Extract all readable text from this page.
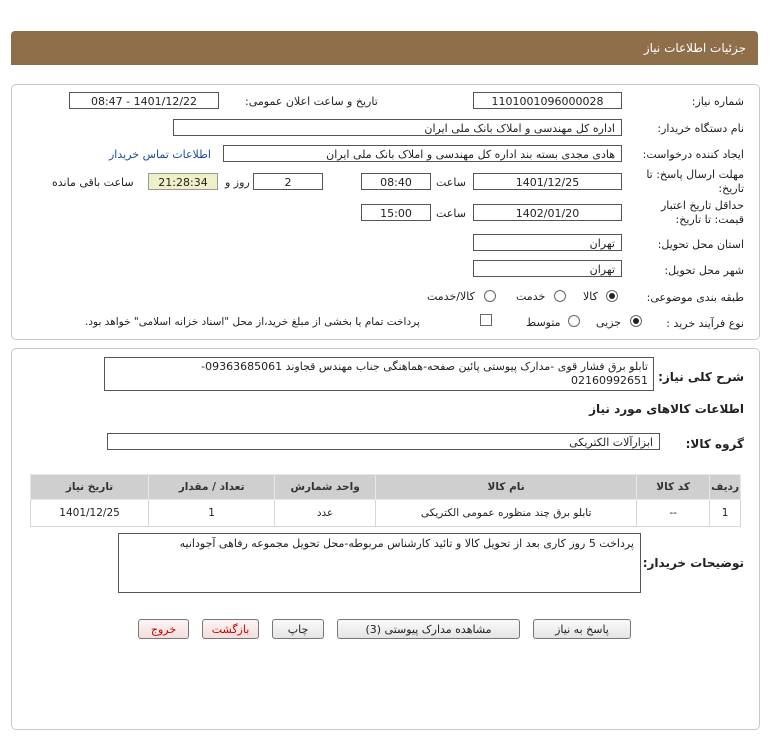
جزئیات اطلاعات نیاز
شماره نیاز:
1101001096000028
تاریخ و ساعت اعلان عمومی:
1401/12/22 - 08:47
نام دستگاه خریدار:
اداره کل مهندسی و املاک بانک ملی ایران
ایجاد کننده درخواست:
هادی مجدی بسته بند اداره کل مهندسی و املاک بانک ملی ایران
اطلاعات تماس خریدار
مهلت ارسال پاسخ: تا تاریخ:
1401/12/25
ساعت
08:40
2
روز و
21:28:34
ساعت باقی مانده
حداقل تاریخ اعتبار قیمت: تا تاریخ:
1402/01/20
ساعت
15:00
استان محل تحویل:
تهران
شهر محل تحویل:
تهران
طبقه بندی موضوعی:
کالا
خدمت
کالا/خدمت
نوع فرآیند خرید :
جزیی
متوسط
پرداخت تمام یا بخشی از مبلغ خرید،از محل "اسناد خزانه اسلامی" خواهد بود.
شرح کلی نیاز:
تابلو برق فشار قوی -مدارک پیوستی پائین صفحه-هماهنگی جناب مهندس قجاوند 09363685061-
02160992651
اطلاعات کالاهای مورد نیاز
گروه کالا:
ابزارآلات الکتریکی
ردیف	کد کالا	نام کالا	واحد شمارش	تعداد / مقدار	تاریخ نیاز
1	--	تابلو برق چند منظوره عمومی الکتریکی	عدد	1	1401/12/25
توضیحات خریدار:
پرداخت 5 روز کاری بعد از تحویل کالا و تائید کارشناس مربوطه-محل تحویل مجموعه رفاهی آجودانیه
پاسخ به نیاز
مشاهده مدارک پیوستی (3)
چاپ
بازگشت
خروج
